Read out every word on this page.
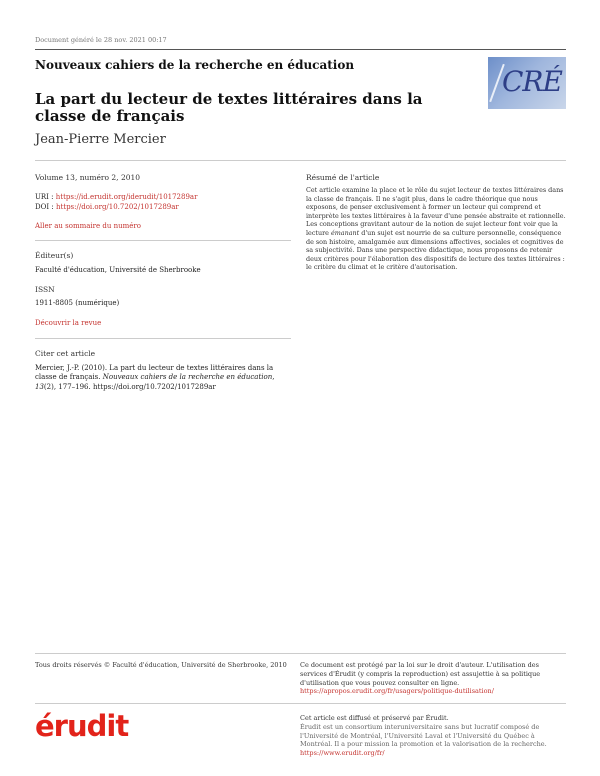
Document généré le 28 nov. 2021 00:17
Nouveaux cahiers de la recherche en éducation	CRÉ
La part du lecteur de textes littéraires dans la classe de français
Jean-Pierre Mercier
Volume 13, numéro 2, 2010
URI : https://id.erudit.org/iderudit/1017289ar
DOI : https://doi.org/10.7202/1017289ar
Aller au sommaire du numéro
Éditeur(s)
Faculté d'éducation, Université de Sherbrooke
ISSN
1911-8805 (numérique)
Découvrir la revue
Citer cet article
Mercier, J.-P. (2010). La part du lecteur de textes littéraires dans la classe de français. Nouveaux cahiers de la recherche en éducation, 13(2), 177–196. https://doi.org/10.7202/1017289ar
Résumé de l'article
Cet article examine la place et le rôle du sujet lecteur de textes littéraires dans la classe de français. Il ne s'agit plus, dans le cadre théorique que nous exposons, de penser exclusivement à former un lecteur qui comprend et interprète les textes littéraires à la faveur d'une pensée abstraite et rationnelle. Les conceptions gravitant autour de la notion de sujet lecteur font voir que la lecture émanant d'un sujet est nourrie de sa culture personnelle, conséquence de son histoire, amalgamée aux dimensions affectives, sociales et cognitives de sa subjectivité. Dans une perspective didactique, nous proposons de retenir deux critères pour l'élaboration des dispositifs de lecture des textes littéraires : le critère du climat et le critère d'autorisation.
Tous droits réservés © Faculté d'éducation, Université de Sherbrooke, 2010 Ce document est protégé par la loi sur le droit d'auteur. L'utilisation des services d'Érudit (y compris la reproduction) est assujettie à sa politique d'utilisation que vous pouvez consulter en ligne.
https://apropos.erudit.org/fr/usagers/politique-dutilisation/
érudit	Cet article est diffusé et préservé par Érudit.
Érudit est un consortium interuniversitaire sans but lucratif composé de l'Université de Montréal, l'Université Laval et l'Université du Québec à Montréal. Il a pour mission la promotion et la valorisation de la recherche.
https://www.erudit.org/fr/
